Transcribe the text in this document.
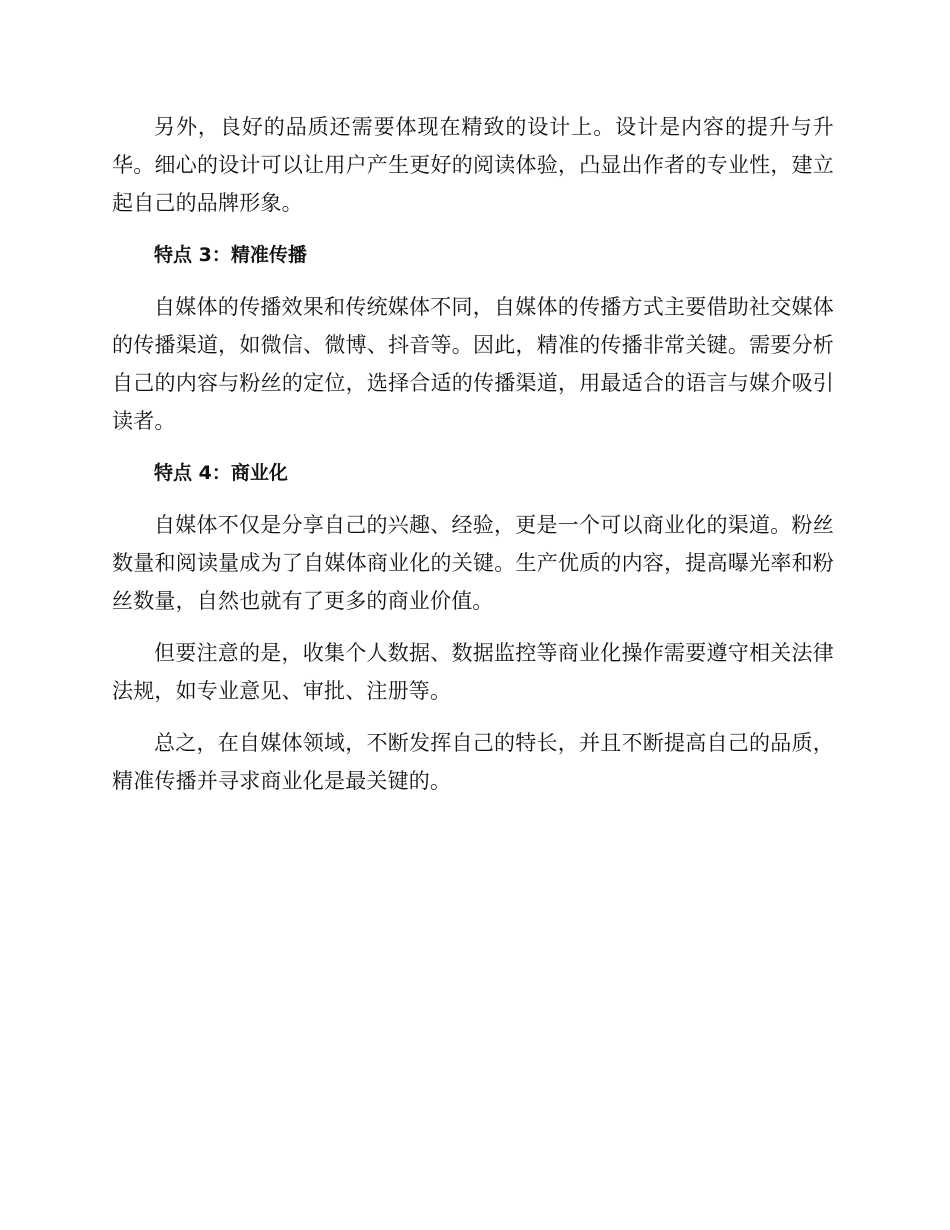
另外，良好的品质还需要体现在精致的设计上。设计是内容的提升与升华。细心的设计可以让用户产生更好的阅读体验，凸显出作者的专业性，建立起自己的品牌形象。

特点 3：精准传播

自媒体的传播效果和传统媒体不同，自媒体的传播方式主要借助社交媒体的传播渠道，如微信、微博、抖音等。因此，精准的传播非常关键。需要分析自己的内容与粉丝的定位，选择合适的传播渠道，用最适合的语言与媒介吸引读者。

特点 4：商业化

自媒体不仅是分享自己的兴趣、经验，更是一个可以商业化的渠道。粉丝数量和阅读量成为了自媒体商业化的关键。生产优质的内容，提高曝光率和粉丝数量，自然也就有了更多的商业价值。

但要注意的是，收集个人数据、数据监控等商业化操作需要遵守相关法律法规，如专业意见、审批、注册等。

总之，在自媒体领域，不断发挥自己的特长，并且不断提高自己的品质，精准传播并寻求商业化是最关键的。
